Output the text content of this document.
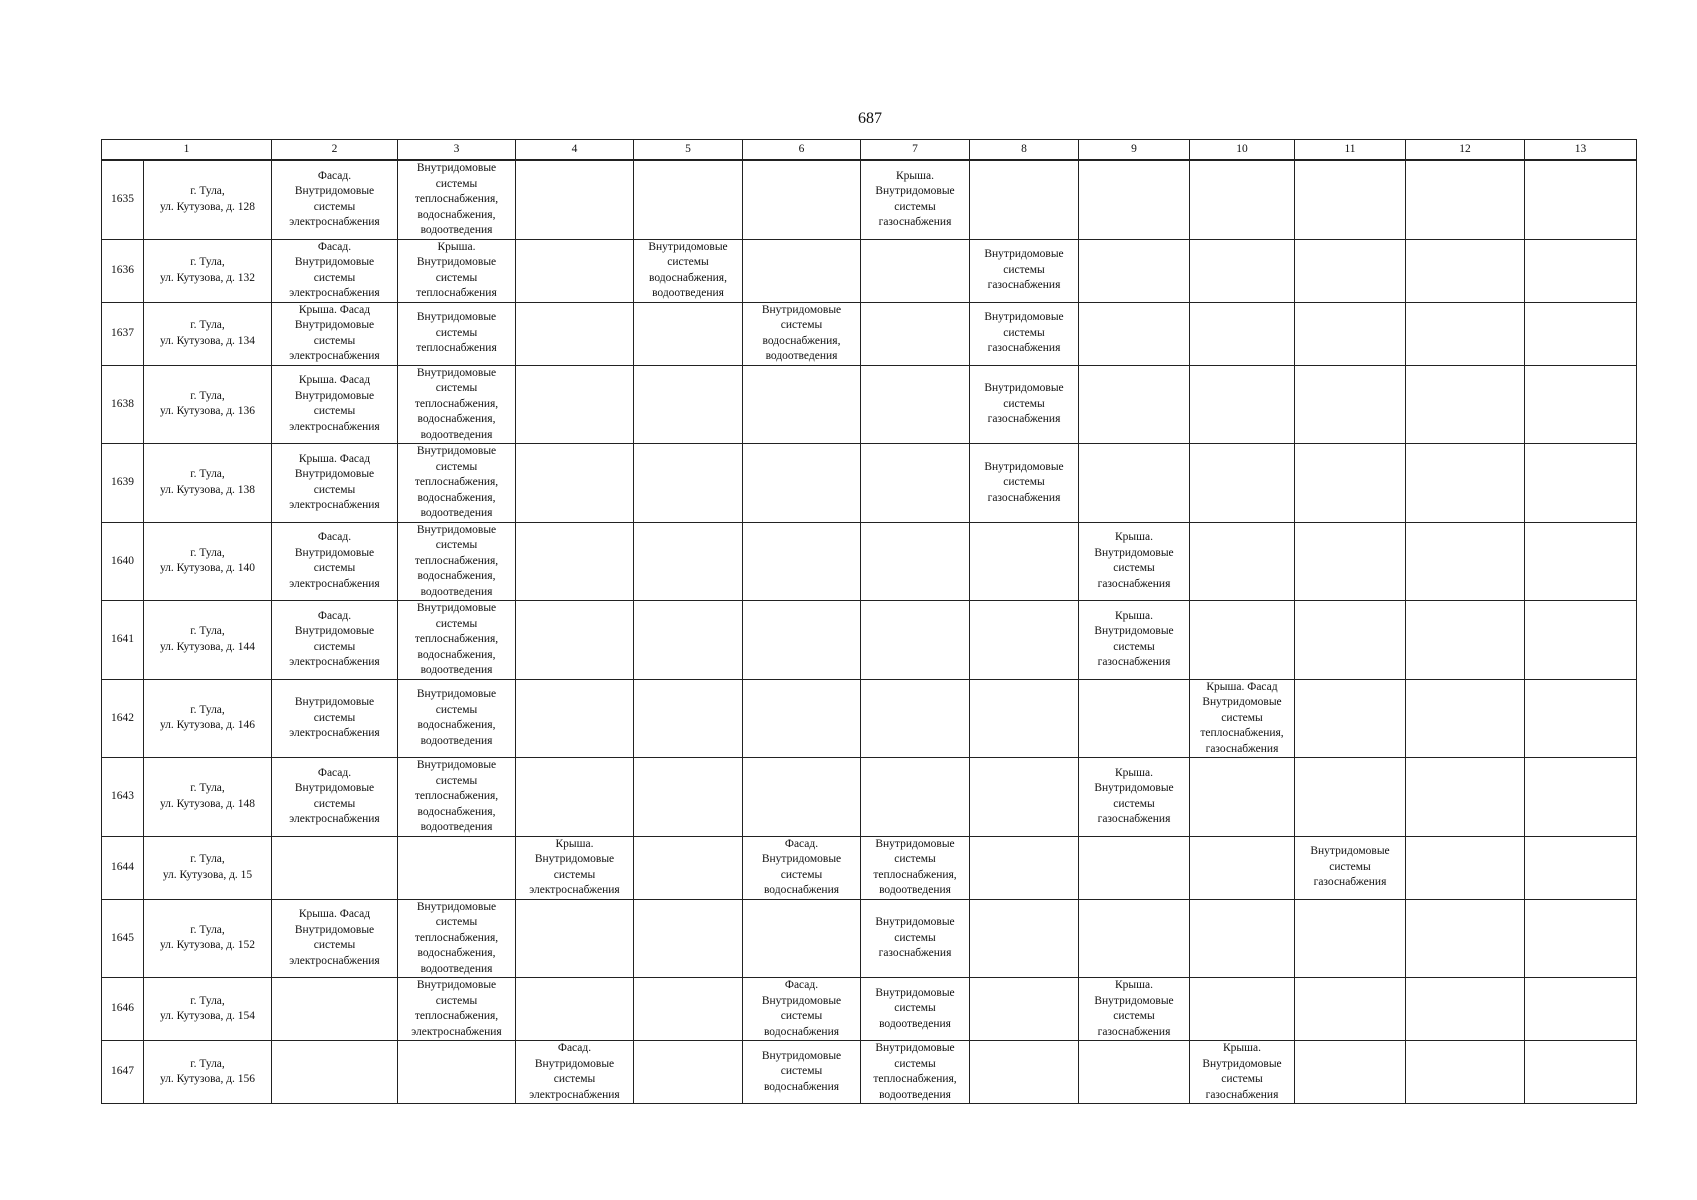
687
1		2	3	4	5	6	7	8	9	10	11	12	13
1635	г. Тула,
ул. Кутузова, д. 128	Фасад.
Внутридомовые
системы
электроснабжения	Внутридомовые
системы
теплоснабжения,
водоснабжения,
водоотведения				Крыша.
Внутридомовые
системы
газоснабжения						
1636	г. Тула,
ул. Кутузова, д. 132	Фасад.
Внутридомовые
системы
электроснабжения	Крыша.
Внутридомовые
системы
теплоснабжения		Внутридомовые
системы
водоснабжения,
водоотведения			Внутридомовые
системы
газоснабжения					
1637	г. Тула,
ул. Кутузова, д. 134	Крыша. Фасад
Внутридомовые
системы
электроснабжения	Внутридомовые
системы
теплоснабжения			Внутридомовые
системы
водоснабжения,
водоотведения		Внутридомовые
системы
газоснабжения					
1638	г. Тула,
ул. Кутузова, д. 136	Крыша. Фасад
Внутридомовые
системы
электроснабжения	Внутридомовые
системы
теплоснабжения,
водоснабжения,
водоотведения					Внутридомовые
системы
газоснабжения					
1639	г. Тула,
ул. Кутузова, д. 138	Крыша. Фасад
Внутридомовые
системы
электроснабжения	Внутридомовые
системы
теплоснабжения,
водоснабжения,
водоотведения					Внутридомовые
системы
газоснабжения					
1640	г. Тула,
ул. Кутузова, д. 140	Фасад.
Внутридомовые
системы
электроснабжения	Внутридомовые
системы
теплоснабжения,
водоснабжения,
водоотведения						Крыша.
Внутридомовые
системы
газоснабжения				
1641	г. Тула,
ул. Кутузова, д. 144	Фасад.
Внутридомовые
системы
электроснабжения	Внутридомовые
системы
теплоснабжения,
водоснабжения,
водоотведения						Крыша.
Внутридомовые
системы
газоснабжения				
1642	г. Тула,
ул. Кутузова, д. 146	Внутридомовые
системы
электроснабжения	Внутридомовые
системы
водоснабжения,
водоотведения							Крыша. Фасад
Внутридомовые
системы
теплоснабжения,
газоснабжения			
1643	г. Тула,
ул. Кутузова, д. 148	Фасад.
Внутридомовые
системы
электроснабжения	Внутридомовые
системы
теплоснабжения,
водоснабжения,
водоотведения						Крыша.
Внутридомовые
системы
газоснабжения				
1644	г. Тула,
ул. Кутузова, д. 15			Крыша.
Внутридомовые
системы
электроснабжения		Фасад.
Внутридомовые
системы
водоснабжения	Внутридомовые
системы
теплоснабжения,
водоотведения				Внутридомовые
системы
газоснабжения		
1645	г. Тула,
ул. Кутузова, д. 152	Крыша. Фасад
Внутридомовые
системы
электроснабжения	Внутридомовые
системы
теплоснабжения,
водоснабжения,
водоотведения				Внутридомовые
системы
газоснабжения						
1646	г. Тула,
ул. Кутузова, д. 154		Внутридомовые
системы
теплоснабжения,
электроснабжения			Фасад.
Внутридомовые
системы
водоснабжения	Внутридомовые
системы
водоотведения		Крыша.
Внутридомовые
системы
газоснабжения				
1647	г. Тула,
ул. Кутузова, д. 156			Фасад.
Внутридомовые
системы
электроснабжения		Внутридомовые
системы
водоснабжения	Внутридомовые
системы
теплоснабжения,
водоотведения			Крыша.
Внутридомовые
системы
газоснабжения			
